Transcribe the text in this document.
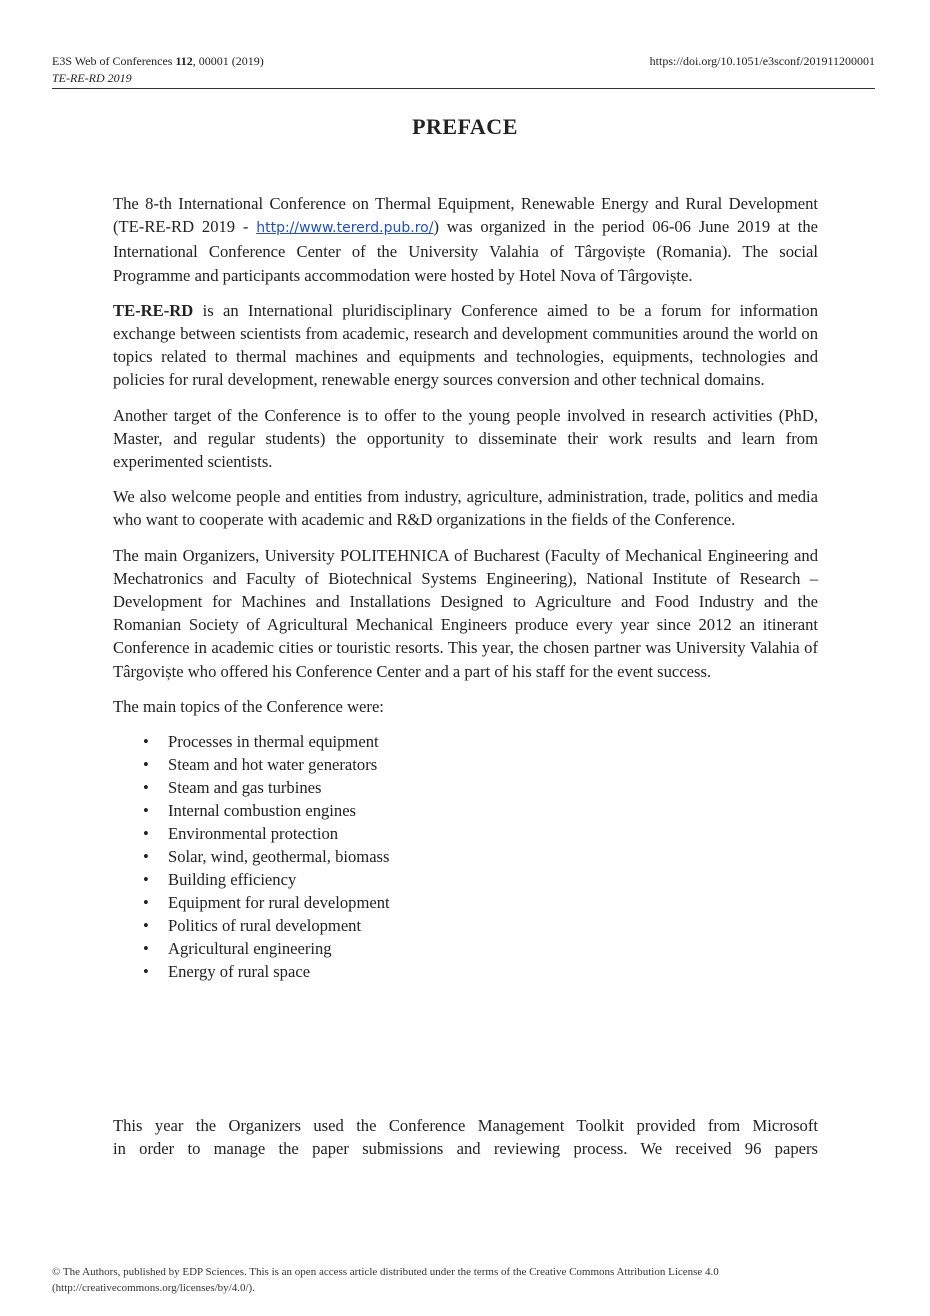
E3S Web of Conferences 112, 00001 (2019)
TE-RE-RD 2019
https://doi.org/10.1051/e3sconf/201911200001
PREFACE

The 8-th International Conference on Thermal Equipment, Renewable Energy and Rural Development (TE-RE-RD 2019 - http://www.tererd.pub.ro/) was organized in the period 06-06 June 2019 at the International Conference Center of the University Valahia of Târgoviște (Romania). The social Programme and participants accommodation were hosted by Hotel Nova of Târgoviște.

TE-RE-RD is an International pluridisciplinary Conference aimed to be a forum for information exchange between scientists from academic, research and development communities around the world on topics related to thermal machines and equipments and technologies, equipments, technologies and policies for rural development, renewable energy sources conversion and other technical domains.

Another target of the Conference is to offer to the young people involved in research activities (PhD, Master, and regular students) the opportunity to disseminate their work results and learn from experimented scientists.

We also welcome people and entities from industry, agriculture, administration, trade, politics and media who want to cooperate with academic and R&D organizations in the fields of the Conference.

The main Organizers, University POLITEHNICA of Bucharest (Faculty of Mechanical Engineering and Mechatronics and Faculty of Biotechnical Systems Engineering), National Institute of Research – Development for Machines and Installations Designed to Agriculture and Food Industry and the Romanian Society of Agricultural Mechanical Engineers produce every year since 2012 an itinerant Conference in academic cities or touristic resorts. This year, the chosen partner was University Valahia of Târgoviște who offered his Conference Center and a part of his staff for the event success.

The main topics of the Conference were:

• Processes in thermal equipment
• Steam and hot water generators
• Steam and gas turbines
• Internal combustion engines
• Environmental protection
• Solar, wind, geothermal, biomass
• Building efficiency
• Equipment for rural development
• Politics of rural development
• Agricultural engineering
• Energy of rural space
This year the Organizers used the Conference Management Toolkit provided from Microsoft
in order to manage the paper submissions and reviewing process. We received 96 papers
© The Authors, published by EDP Sciences. This is an open access article distributed under the terms of the Creative Commons Attribution License 4.0
(http://creativecommons.org/licenses/by/4.0/).
